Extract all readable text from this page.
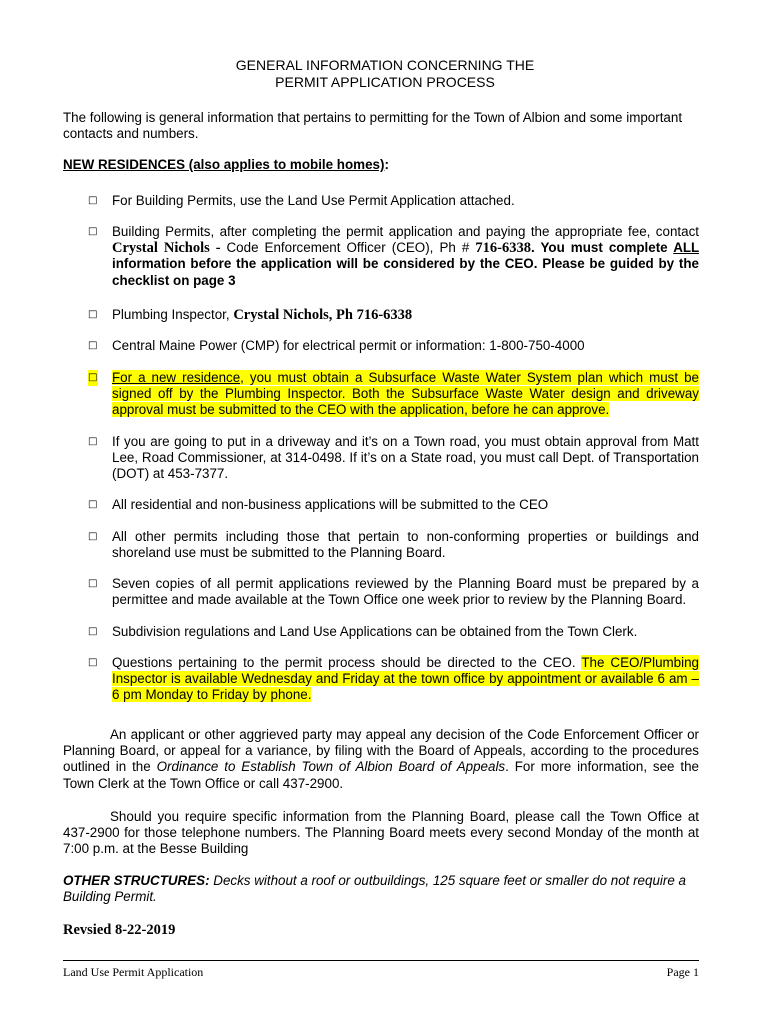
GENERAL INFORMATION CONCERNING THE
PERMIT APPLICATION PROCESS
The following is general information that pertains to permitting for the Town of Albion and some important contacts and numbers.
NEW RESIDENCES (also applies to mobile homes):
□ For Building Permits, use the Land Use Permit Application attached.
□ Building Permits, after completing the permit application and paying the appropriate fee, contact Crystal Nichols - Code Enforcement Officer (CEO), Ph # 716-6338. You must complete ALL information before the application will be considered by the CEO. Please be guided by the checklist on page 3
□ Plumbing Inspector, Crystal Nichols, Ph 716-6338
□ Central Maine Power (CMP) for electrical permit or information: 1-800-750-4000
□ For a new residence, you must obtain a Subsurface Waste Water System plan which must be signed off by the Plumbing Inspector. Both the Subsurface Waste Water design and driveway approval must be submitted to the CEO with the application, before he can approve.
□ If you are going to put in a driveway and it’s on a Town road, you must obtain approval from Matt Lee, Road Commissioner, at 314-0498. If it’s on a State road, you must call Dept. of Transportation (DOT) at 453-7377.
□ All residential and non-business applications will be submitted to the CEO
□ All other permits including those that pertain to non-conforming properties or buildings and shoreland use must be submitted to the Planning Board.
□ Seven copies of all permit applications reviewed by the Planning Board must be prepared by a permittee and made available at the Town Office one week prior to review by the Planning Board.
□ Subdivision regulations and Land Use Applications can be obtained from the Town Clerk.
□ Questions pertaining to the permit process should be directed to the CEO. The CEO/Plumbing Inspector is available Wednesday and Friday at the town office by appointment or available 6 am – 6 pm Monday to Friday by phone.
An applicant or other aggrieved party may appeal any decision of the Code Enforcement Officer or Planning Board, or appeal for a variance, by filing with the Board of Appeals, according to the procedures outlined in the Ordinance to Establish Town of Albion Board of Appeals. For more information, see the Town Clerk at the Town Office or call 437-2900.
Should you require specific information from the Planning Board, please call the Town Office at 437-2900 for those telephone numbers. The Planning Board meets every second Monday of the month at 7:00 p.m. at the Besse Building
OTHER STRUCTURES: Decks without a roof or outbuildings, 125 square feet or smaller do not require a Building Permit.
Revsied 8-22-2019
Land Use Permit Application	Page 1
